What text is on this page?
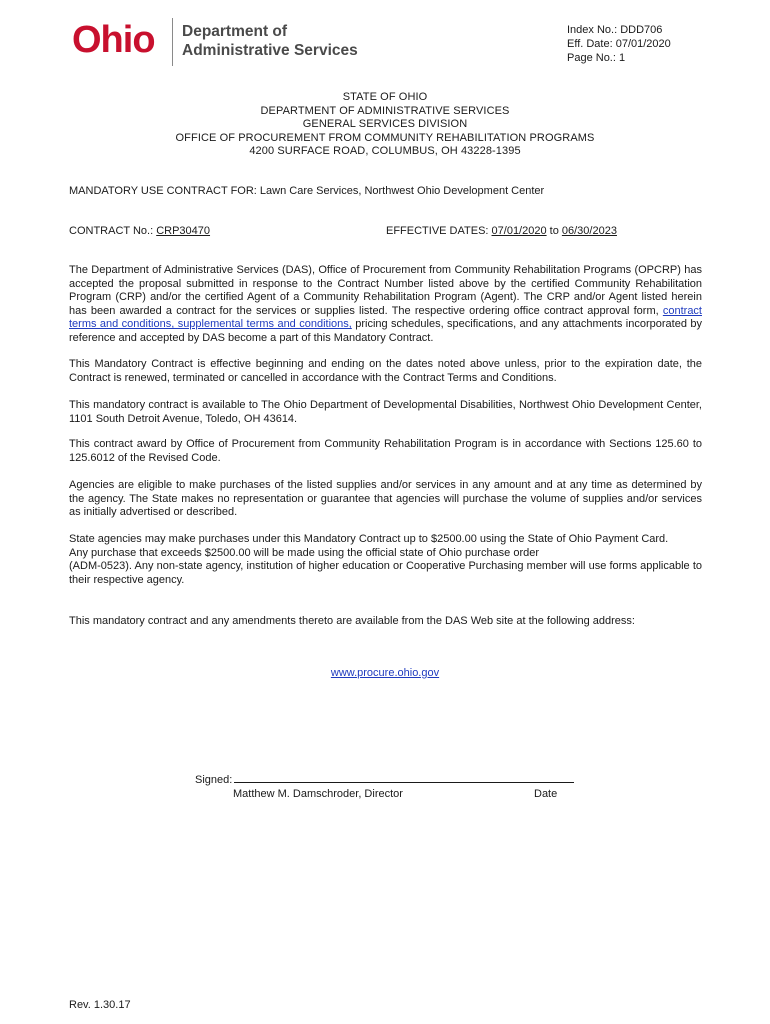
Ohio Department of
Administrative Services
Index No.: DDD706
Eff. Date: 07/01/2020
Page No.: 1
STATE OF OHIO
DEPARTMENT OF ADMINISTRATIVE SERVICES
GENERAL SERVICES DIVISION
OFFICE OF PROCUREMENT FROM COMMUNITY REHABILITATION PROGRAMS
4200 SURFACE ROAD, COLUMBUS, OH 43228-1395
MANDATORY USE CONTRACT FOR: Lawn Care Services, Northwest Ohio Development Center
CONTRACT No.: CRP30470	EFFECTIVE DATES: 07/01/2020 to 06/30/2023

The Department of Administrative Services (DAS), Office of Procurement from Community Rehabilitation Programs (OPCRP) has accepted the proposal submitted in response to the Contract Number listed above by the certified Community Rehabilitation Program (CRP) and/or the certified Agent of a Community Rehabilitation Program (Agent). The CRP and/or Agent listed herein has been awarded a contract for the services or supplies listed. The respective ordering office contract approval form, contract terms and conditions, supplemental terms and conditions, pricing schedules, specifications, and any attachments incorporated by reference and accepted by DAS become a part of this Mandatory Contract.

This Mandatory Contract is effective beginning and ending on the dates noted above unless, prior to the expiration date, the Contract is renewed, terminated or cancelled in accordance with the Contract Terms and Conditions.

This mandatory contract is available to The Ohio Department of Developmental Disabilities, Northwest Ohio Development Center, 1101 South Detroit Avenue, Toledo, OH 43614.

This contract award by Office of Procurement from Community Rehabilitation Program is in accordance with Sections 125.60 to 125.6012 of the Revised Code.

Agencies are eligible to make purchases of the listed supplies and/or services in any amount and at any time as determined by the agency. The State makes no representation or guarantee that agencies will purchase the volume of supplies and/or services as initially advertised or described.

State agencies may make purchases under this Mandatory Contract up to $2500.00 using the State of Ohio Payment Card.
Any purchase that exceeds $2500.00 will be made using the official state of Ohio purchase order
(ADM-0523). Any non-state agency, institution of higher education or Cooperative Purchasing member will use forms applicable to their respective agency.

This mandatory contract and any amendments thereto are available from the DAS Web site at the following address:

www.procure.ohio.gov
Signed:
Matthew M. Damschroder, Director	Date
Rev. 1.30.17
